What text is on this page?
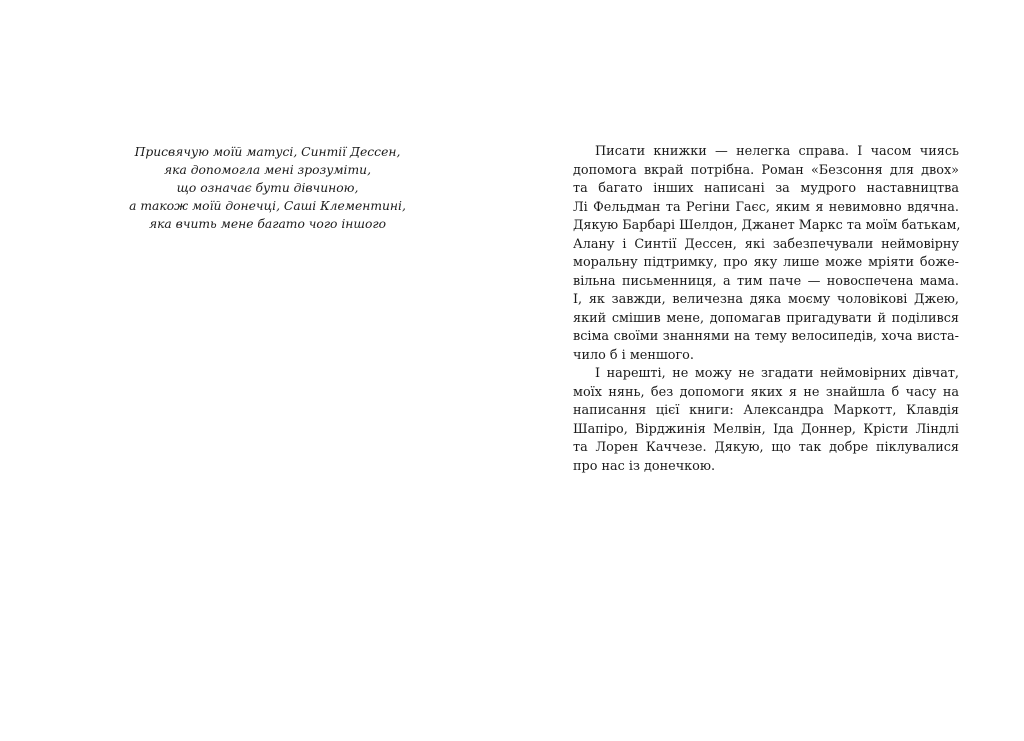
Присвячую моїй матусі, Синтії Дессен,
яка допомогла мені зрозуміти,
що означає бути дівчиною,
а також моїй донечці, Саші Клементині,
яка вчить мене багато чого іншого

Писати книжки — нелегка справа. І часом чиясь
допомога вкрай потрібна. Роман «Безсоння для двох»
та багато інших написані за мудрого наставництва
Лі Фельдман та Регіни Гаєс, яким я невимовно вдячна.
Дякую Барбарі Шелдон, Джанет Маркс та моїм батькам,
Алану і Синтії Дессен, які забезпечували неймовірну
моральну підтримку, про яку лише може мріяти боже-
вільна письменниця, а тим паче — новоспечена мама.
І, як завжди, величезна дяка моєму чоловікові Джею,
який смішив мене, допомагав пригадувати й поділився
всіма своїми знаннями на тему велосипедів, хоча виста-
чило б і меншого.

І нарешті, не можу не згадати неймовірних дівчат,
моїх нянь, без допомоги яких я не знайшла б часу на
написання цієї книги: Александра Маркотт, Клавдія
Шапіро, Вірджинія Мелвін, Іда Доннер, Крісти Ліндлі
та Лорен Каччезе. Дякую, що так добре піклувалися
про нас із донечкою.
